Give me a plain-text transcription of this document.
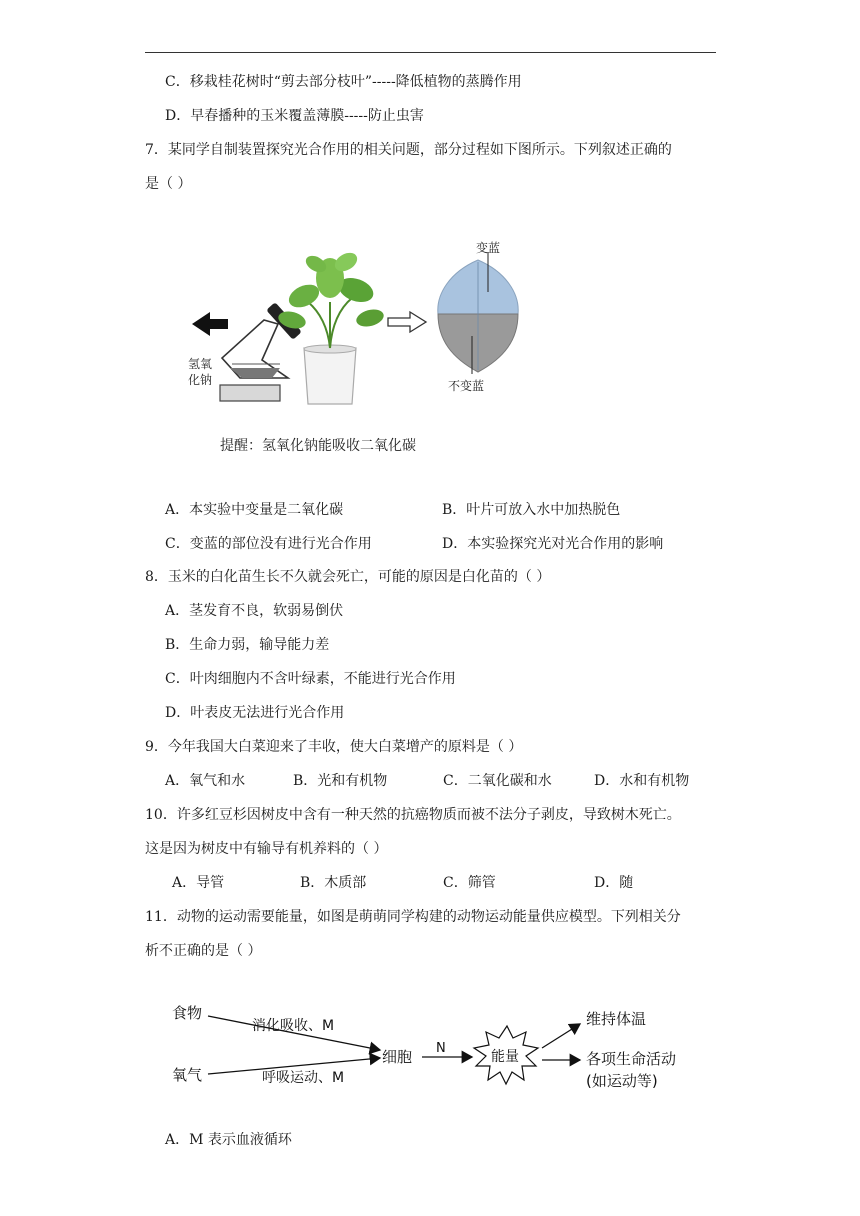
C．移栽桂花树时“剪去部分枝叶”-----降低植物的蒸腾作用
D．早春播种的玉米覆盖薄膜-----防止虫害
7．某同学自制装置探究光合作用的相关问题，部分过程如下图所示。下列叙述正确的
是（ ）
氢氧
化钠
变蓝
不变蓝
提醒：氢氧化钠能吸收二氧化碳
A．本实验中变量是二氧化碳	B．叶片可放入水中加热脱色
C．变蓝的部位没有进行光合作用	D．本实验探究光对光合作用的影响
8．玉米的白化苗生长不久就会死亡，可能的原因是白化苗的（ ）
A．茎发育不良，软弱易倒伏
B．生命力弱，输导能力差
C．叶肉细胞内不含叶绿素，不能进行光合作用
D．叶表皮无法进行光合作用
9．今年我国大白菜迎来了丰收，使大白菜增产的原料是（ ）
A．氧气和水	B．光和有机物	C．二氧化碳和水	D．水和有机物
10．许多红豆杉因树皮中含有一种天然的抗癌物质而被不法分子剥皮，导致树木死亡。
这是因为树皮中有输导有机养料的（ ）
A．导管	B．木质部	C．筛管	D．随
11．动物的运动需要能量，如图是萌萌同学构建的动物运动能量供应模型。下列相关分
析不正确的是（ ）
食物
氧气
消化吸收、M
呼吸运动、M
细胞 N
能量
维持体温
各项生命活动
(如运动等)
A．M 表示血液循环
